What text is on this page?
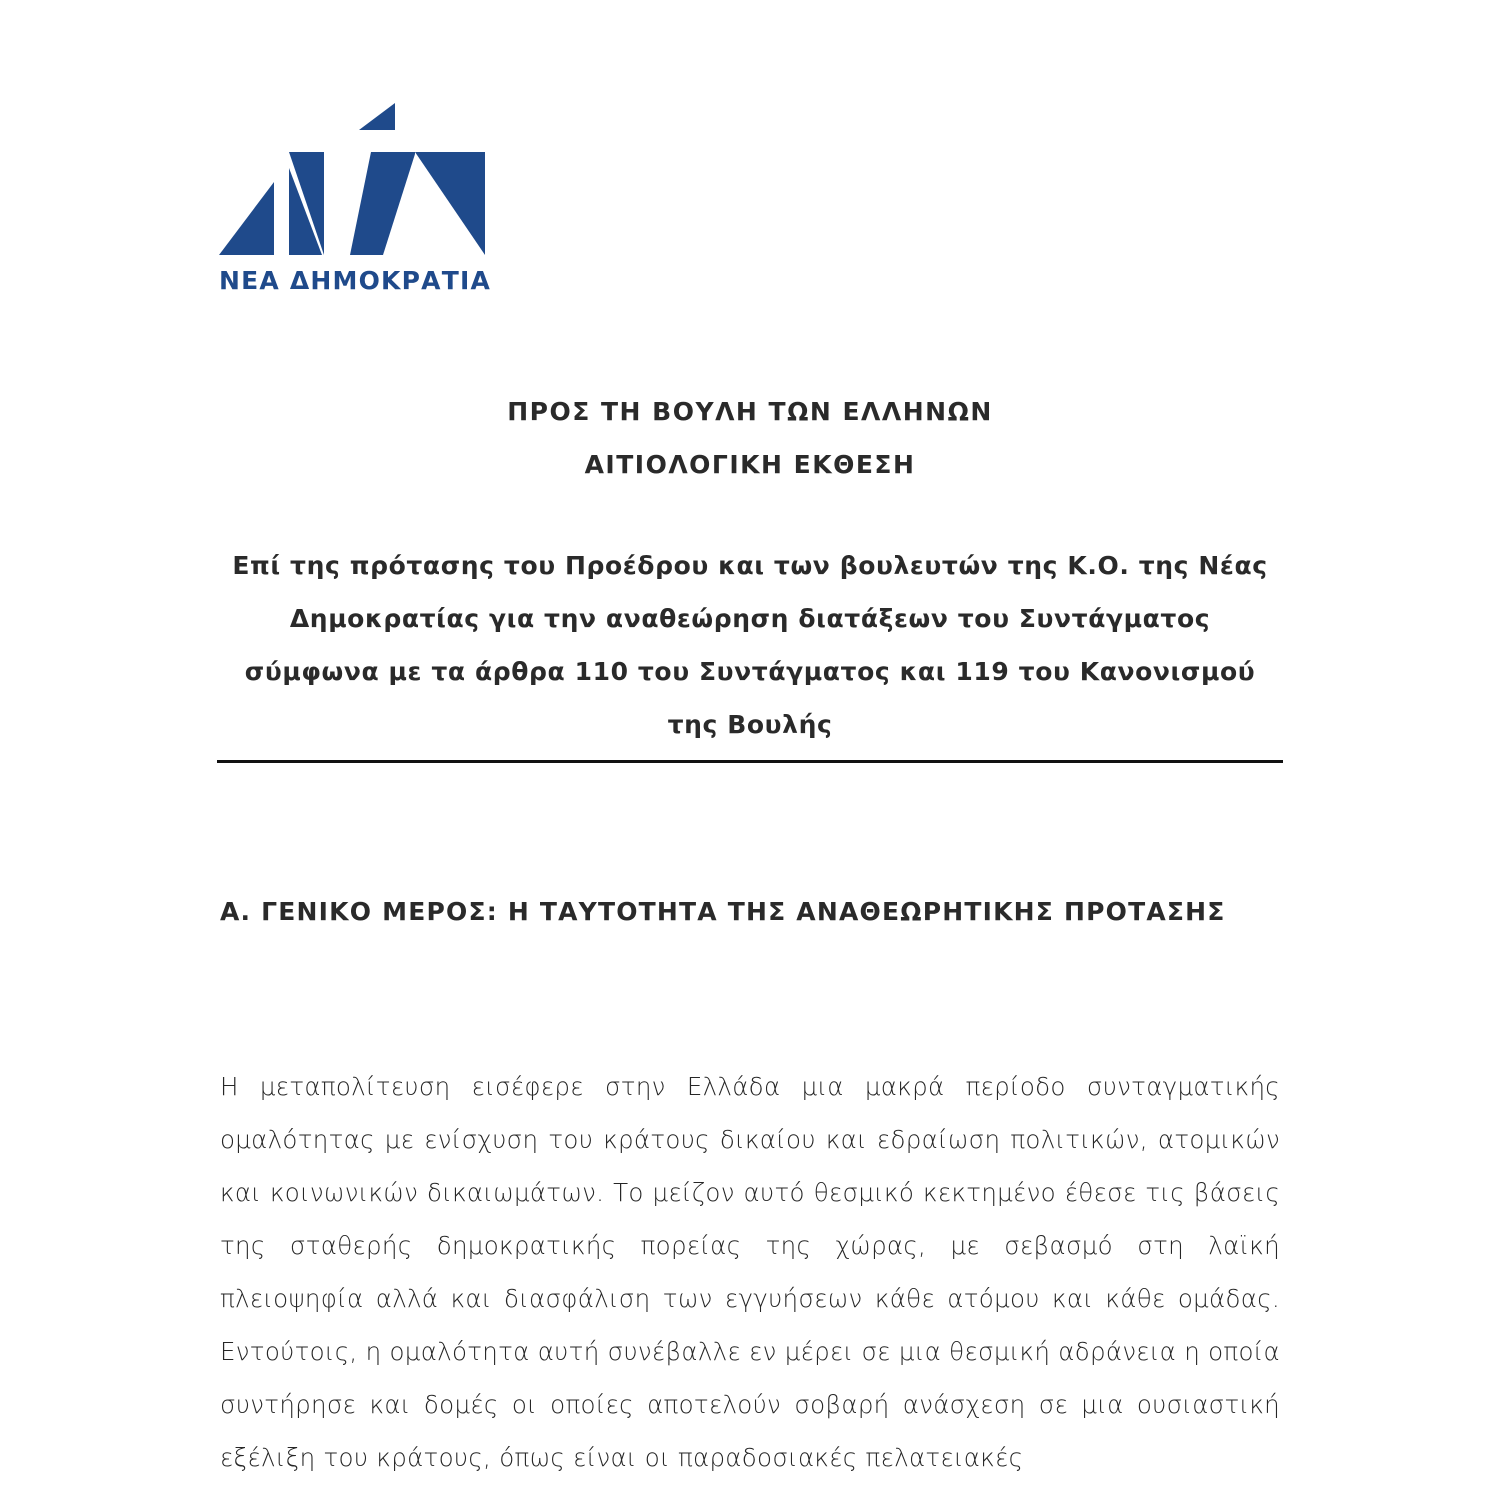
ΝΕΑ ΔΗΜΟΚΡΑΤΙΑ
ΠΡΟΣ ΤΗ ΒΟΥΛΗ ΤΩΝ ΕΛΛΗΝΩΝ
ΑΙΤΙΟΛΟΓΙΚΗ ΕΚΘΕΣΗ
Επί της πρότασης του Προέδρου και των βουλευτών της Κ.Ο. της Νέας Δημοκρατίας για την αναθεώρηση διατάξεων του Συντάγματος σύμφωνα με τα άρθρα 110 του Συντάγματος και 119 του Κανονισμού της Βουλής
Α. ΓΕΝΙΚΟ ΜΕΡΟΣ: Η ΤΑΥΤΟΤΗΤΑ ΤΗΣ ΑΝΑΘΕΩΡΗΤΙΚΗΣ ΠΡΟΤΑΣΗΣ
Η μεταπολίτευση εισέφερε στην Ελλάδα μια μακρά περίοδο συνταγματικής ομαλότητας με ενίσχυση του κράτους δικαίου και εδραίωση πολιτικών, ατομικών και κοινωνικών δικαιωμάτων. Το μείζον αυτό θεσμικό κεκτημένο έθεσε τις βάσεις της σταθερής δημοκρατικής πορείας της χώρας, με σεβασμό στη λαϊκή πλειοψηφία αλλά και διασφάλιση των εγγυήσεων κάθε ατόμου και κάθε ομάδας. Εντούτοις, η ομαλότητα αυτή συνέβαλλε εν μέρει σε μια θεσμική αδράνεια η οποία συντήρησε και δομές οι οποίες αποτελούν σοβαρή ανάσχεση σε μια ουσιαστική εξέλιξη του κράτους, όπως είναι οι παραδοσιακές πελατειακές
